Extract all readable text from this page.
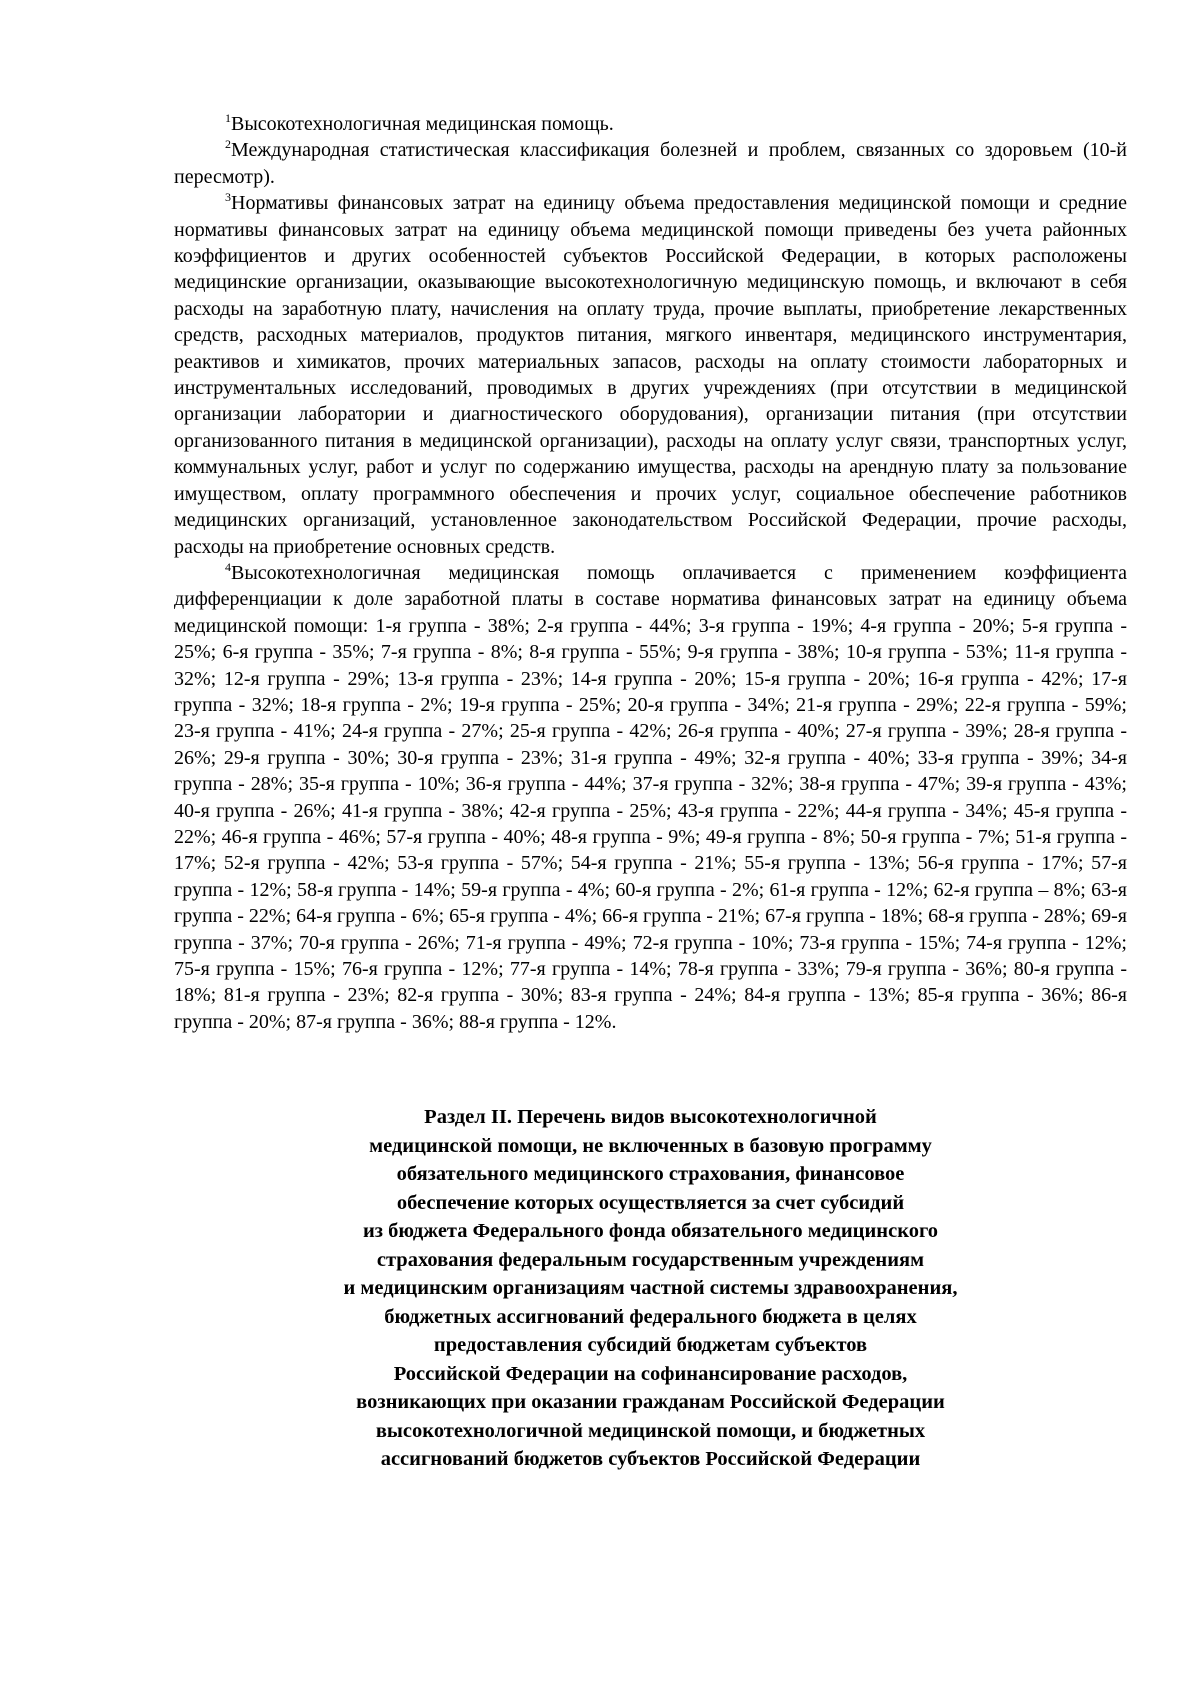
$^1$Высокотехнологичная медицинская помощь.

$^2$Международная статистическая классификация болезней и проблем, связанных со здоровьем (10-й пересмотр).

$^3$Нормативы финансовых затрат на единицу объема предоставления медицинской помощи и средние нормативы финансовых затрат на единицу объема медицинской помощи приведены без учета районных коэффициентов и других особенностей субъектов Российской Федерации, в которых расположены медицинские организации, оказывающие высокотехнологичную медицинскую помощь, и включают в себя расходы на заработную плату, начисления на оплату труда, прочие выплаты, приобретение лекарственных средств, расходных материалов, продуктов питания, мягкого инвентаря, медицинского инструментария, реактивов и химикатов, прочих материальных запасов, расходы на оплату стоимости лабораторных и инструментальных исследований, проводимых в других учреждениях (при отсутствии в медицинской организации лаборатории и диагностического оборудования), организации питания (при отсутствии организованного питания в медицинской организации), расходы на оплату услуг связи, транспортных услуг, коммунальных услуг, работ и услуг по содержанию имущества, расходы на арендную плату за пользование имуществом, оплату программного обеспечения и прочих услуг, социальное обеспечение работников медицинских организаций, установленное законодательством Российской Федерации, прочие расходы, расходы на приобретение основных средств.

$^4$Высокотехнологичная медицинская помощь оплачивается с применением коэффициента дифференциации к доле заработной платы в составе норматива финансовых затрат на единицу объема медицинской помощи: 1-я группа - 38%; 2-я группа - 44%; 3-я группа - 19%; 4-я группа - 20%; 5-я группа - 25%; 6-я группа - 35%; 7-я группа - 8%; 8-я группа - 55%; 9-я группа - 38%; 10-я группа - 53%; 11-я группа - 32%; 12-я группа - 29%; 13-я группа - 23%; 14-я группа - 20%; 15-я группа - 20%; 16-я группа - 42%; 17-я группа - 32%; 18-я группа - 2%; 19-я группа - 25%; 20-я группа - 34%; 21-я группа - 29%; 22-я группа - 59%; 23-я группа - 41%; 24-я группа - 27%; 25-я группа - 42%; 26-я группа - 40%; 27-я группа - 39%; 28-я группа - 26%; 29-я группа - 30%; 30-я группа - 23%; 31-я группа - 49%; 32-я группа - 40%; 33-я группа - 39%; 34-я группа - 28%; 35-я группа - 10%; 36-я группа - 44%; 37-я группа - 32%; 38-я группа - 47%; 39-я группа - 43%; 40-я группа - 26%; 41-я группа - 38%; 42-я группа - 25%; 43-я группа - 22%; 44-я группа - 34%; 45-я группа - 22%; 46-я группа - 46%; 57-я группа - 40%; 48-я группа - 9%; 49-я группа - 8%; 50-я группа - 7%; 51-я группа - 17%; 52-я группа - 42%; 53-я группа - 57%; 54-я группа - 21%; 55-я группа - 13%; 56-я группа - 17%; 57-я группа - 12%; 58-я группа - 14%; 59-я группа - 4%; 60-я группа - 2%; 61-я группа - 12%; 62-я группа – 8%; 63-я группа - 22%; 64-я группа - 6%; 65-я группа - 4%; 66-я группа - 21%; 67-я группа - 18%; 68-я группа - 28%; 69-я группа - 37%; 70-я группа - 26%; 71-я группа - 49%; 72-я группа - 10%; 73-я группа - 15%; 74-я группа - 12%; 75-я группа - 15%; 76-я группа - 12%; 77-я группа - 14%; 78-я группа - 33%; 79-я группа - 36%; 80-я группа - 18%; 81-я группа - 23%; 82-я группа - 30%; 83-я группа - 24%; 84-я группа - 13%; 85-я группа - 36%; 86-я группа - 20%; 87-я группа - 36%; 88-я группа - 12%.

Раздел II. Перечень видов высокотехнологичной
медицинской помощи, не включенных в базовую программу
обязательного медицинского страхования, финансовое
обеспечение которых осуществляется за счет субсидий
из бюджета Федерального фонда обязательного медицинского
страхования федеральным государственным учреждениям
и медицинским организациям частной системы здравоохранения,
бюджетных ассигнований федерального бюджета в целях
предоставления субсидий бюджетам субъектов
Российской Федерации на софинансирование расходов,
возникающих при оказании гражданам Российской Федерации
высокотехнологичной медицинской помощи, и бюджетных
ассигнований бюджетов субъектов Российской Федерации
